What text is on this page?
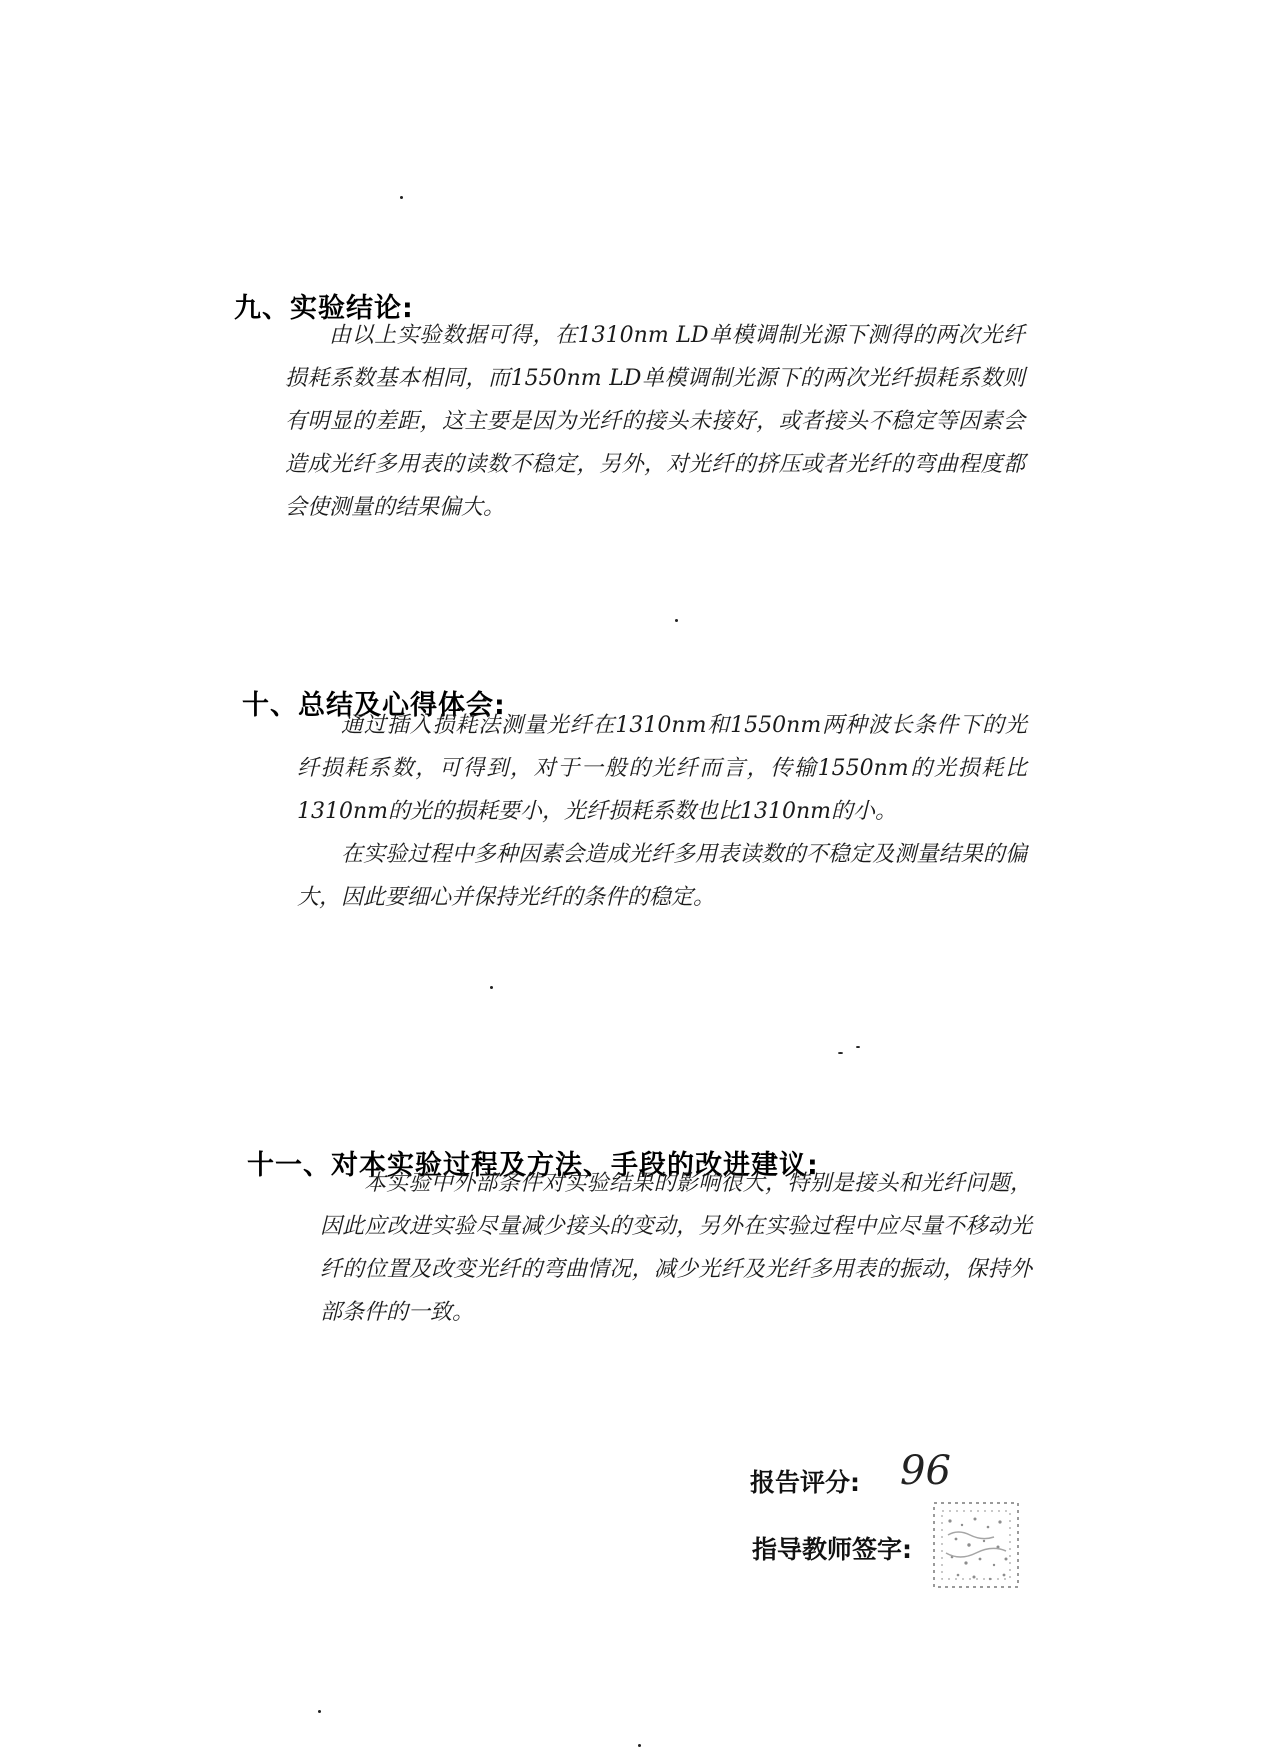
九、实验结论:

由以上实验数据可得，在1310nm LD单模调制光源下测得的两次光纤损耗系数基本相同，而1550nm LD单模调制光源下的两次光纤损耗系数则有明显的差距，这主要是因为光纤的接头未接好，或者接头不稳定等因素会造成光纤多用表的读数不稳定，另外，对光纤的挤压或者光纤的弯曲程度都会使测量的结果偏大。

十、总结及心得体会:

通过插入损耗法测量光纤在1310nm和1550nm两种波长条件下的光纤损耗系数，可得到，对于一般的光纤而言，传输1550nm的光损耗比1310nm的光的损耗要小，光纤损耗系数也比1310nm的小。

在实验过程中多种因素会造成光纤多用表读数的不稳定及测量结果的偏大，因此要细心并保持光纤的条件的稳定。

十一、对本实验过程及方法、手段的改进建议:

本实验中外部条件对实验结果的影响很大，特别是接头和光纤问题，因此应改进实验尽量减少接头的变动，另外在实验过程中应尽量不移动光纤的位置及改变光纤的弯曲情况，减少光纤及光纤多用表的振动，保持外部条件的一致。

报告评分: 96
指导教师签字:
